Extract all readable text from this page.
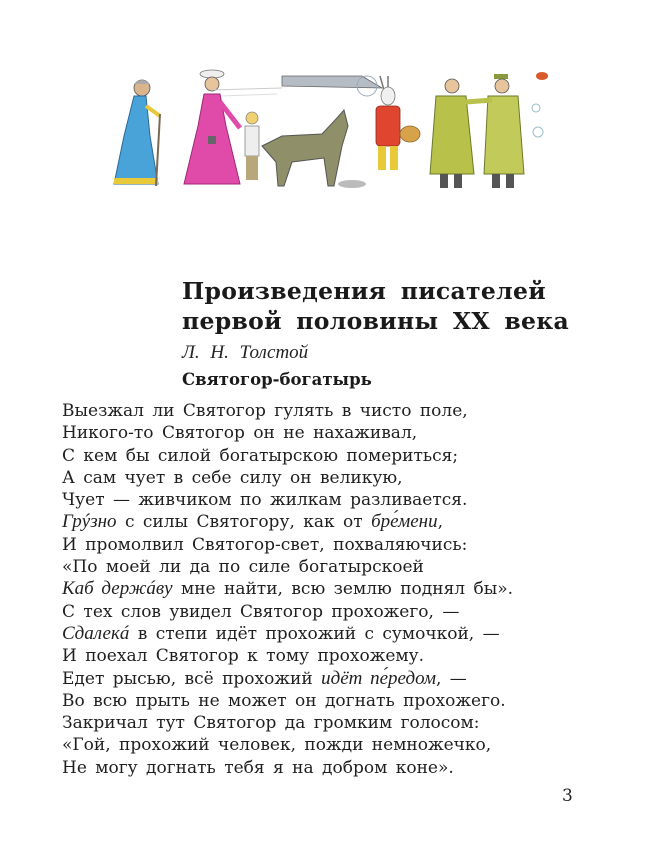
Произведения писателей
первой половины XX века
Л. Н. Толстой
Святогор-богатырь
Выезжал ли Святогор гулять в чисто поле,
Никого-то Святогор он не нахаживал,
С кем бы силой богатырскою помериться;
А сам чует в себе силу он великую,
Чует — живчиком по жилкам разливается.
Грýзно с силы Святогору, как от бре́мени,
И промолвил Святогор-свет, похваляючись:
«По моей ли да по силе богатырскоей
Каб держáву мне найти, всю землю поднял бы».
С тех слов увидел Святогор прохожего, —
Сдалекá в степи идёт прохожий с сумочкой, —
И поехал Святогор к тому прохожему.
Едет рысью, всё прохожий идёт пе́редом, —
Во всю прыть не может он догнать прохожего.
Закричал тут Святогор да громким голосом:
«Гой, прохожий человек, пожди немножечко,
Не могу догнать тебя я на добром коне».
3
